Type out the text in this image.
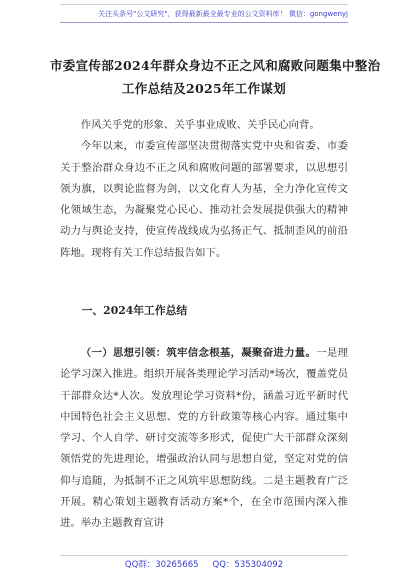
关注头条号"公文研究"，获得最新最全最专业的公文资料库！ 微信：gongwenyj
市委宣传部2024年群众身边不正之风和腐败问题集中整治
工作总结及2025年工作谋划

作风关乎党的形象、关乎事业成败、关乎民心向背。

今年以来，市委宣传部坚决贯彻落实党中央和省委、市委关于整治群众身边不正之风和腐败问题的部署要求，以思想引领为旗，以舆论监督为剑，以文化育人为基，全力净化宣传文化领域生态，为凝聚党心民心、推动社会发展提供强大的精神动力与舆论支持，使宣传战线成为弘扬正气、抵制歪风的前沿阵地。现将有关工作总结报告如下。

一、2024年工作总结

（一）思想引领：筑牢信念根基，凝聚奋进力量。一是理论学习深入推进。组织开展各类理论学习活动*场次，覆盖党员干部群众达*人次。发放理论学习资料*份，涵盖习近平新时代中国特色社会主义思想、党的方针政策等核心内容。通过集中学习、个人自学、研讨交流等多形式，促使广大干部群众深刻领悟党的先进理论，增强政治认同与思想自觉，坚定对党的信仰与追随，为抵制不正之风筑牢思想防线。二是主题教育广泛开展。精心策划主题教育活动方案*个，在全市范围内深入推进。举办主题教育宣讲

QQ群：30265665 QQ：535304092
